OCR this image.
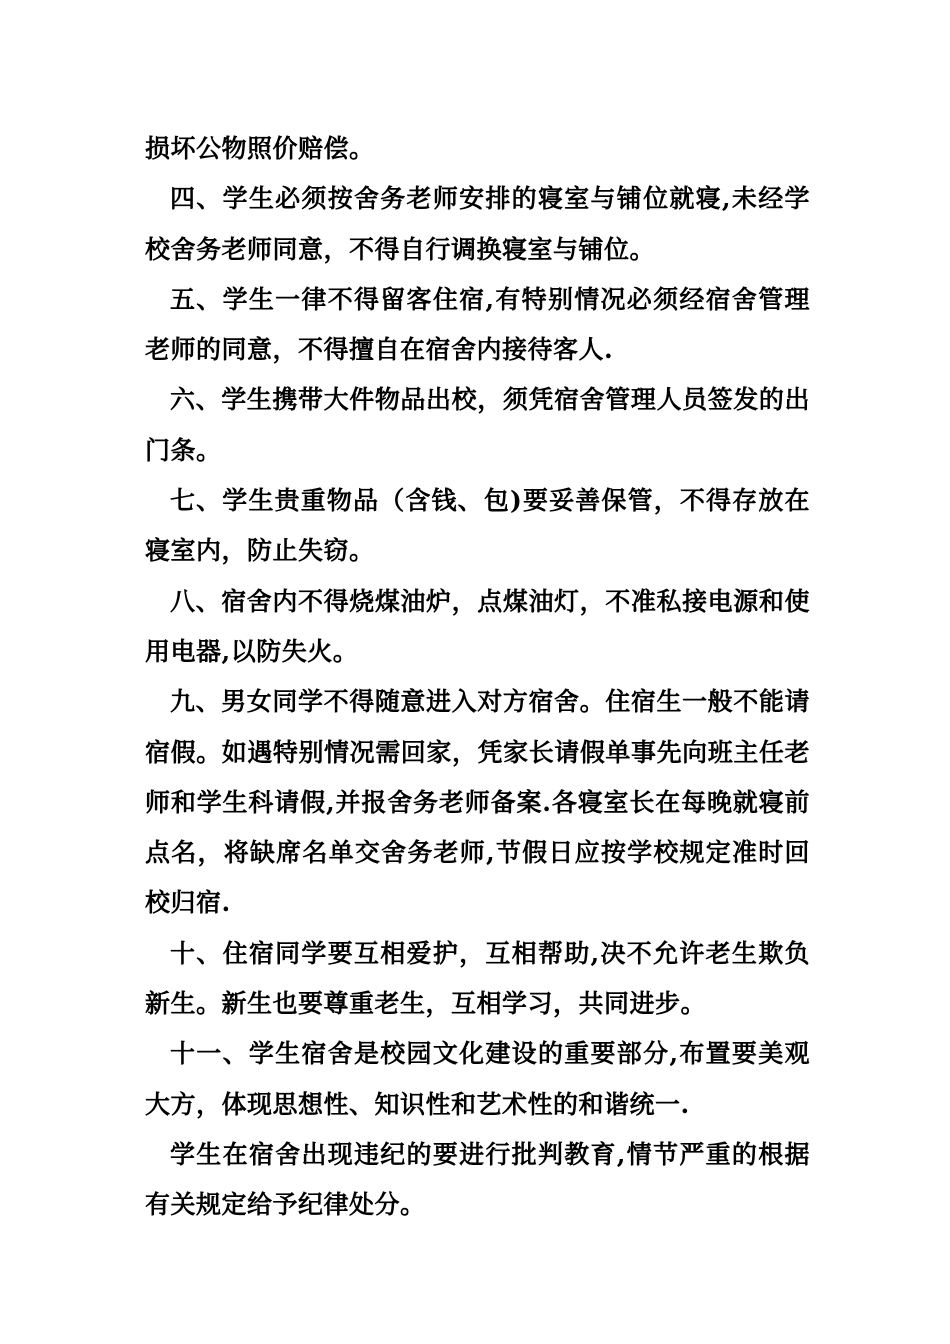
损坏公物照价赔偿。

四、学生必须按舍务老师安排的寝室与铺位就寝,未经学校舍务老师同意，不得自行调换寝室与铺位。

五、学生一律不得留客住宿,有特别情况必须经宿舍管理老师的同意，不得擅自在宿舍内接待客人.

六、学生携带大件物品出校，须凭宿舍管理人员签发的出门条。

七、学生贵重物品（含钱、包)要妥善保管，不得存放在寝室内，防止失窃。

八、宿舍内不得烧煤油炉，点煤油灯，不准私接电源和使用电器,以防失火。

九、男女同学不得随意进入对方宿舍。住宿生一般不能请宿假。如遇特别情况需回家，凭家长请假单事先向班主任老师和学生科请假,并报舍务老师备案.各寝室长在每晚就寝前点名，将缺席名单交舍务老师,节假日应按学校规定准时回校归宿.

十、住宿同学要互相爱护，互相帮助,决不允许老生欺负新生。新生也要尊重老生，互相学习，共同进步。

十一、学生宿舍是校园文化建设的重要部分,布置要美观大方，体现思想性、知识性和艺术性的和谐统一.

学生在宿舍出现违纪的要进行批判教育,情节严重的根据有关规定给予纪律处分。
